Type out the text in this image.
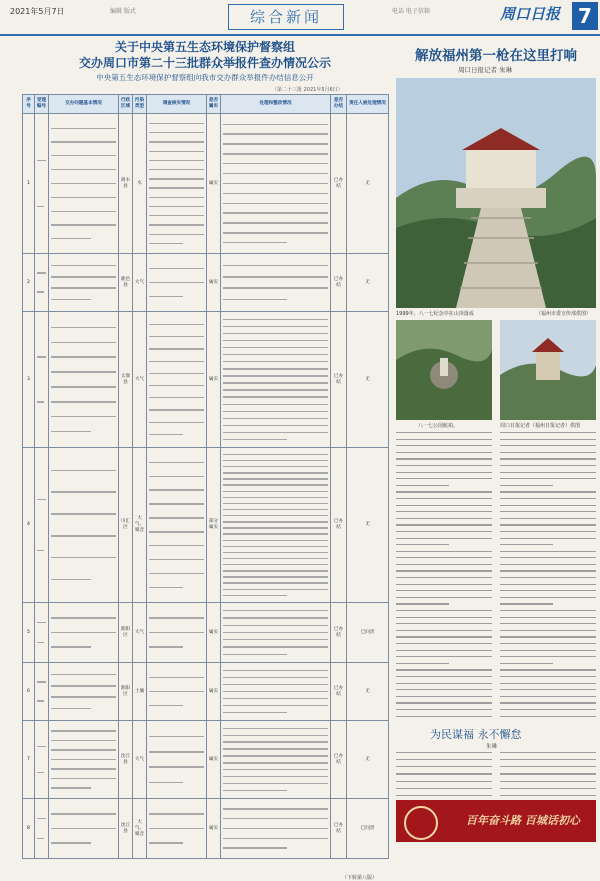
2021年5月7日	编辑 版式	综合新闻	电话 电子信箱	周口日报 7
关于中央第五生态环境保护督察组
交办周口市第二十三批群众举报件查办情况公示
中央第五生态环境保护督察组向我市交办群众举报件办结信息公开
（第二十三批 2021年5月6日）
序号	受理编号	交办问题基本情况	行政区域	污染类型	调查核实情况	是否属实	处理和整改情况	是否办结	责任人被处理情况
1			商水县	水		属实		已办结	无
2			鹿邑县	大气		属实		已办结	无
3			太康县	大气		属实		已办结	无
4			川汇区	大气、噪音		部分属实		已办结	无
5			淮阳区	大气		属实		已办结	已问责
6			淮阳区	土壤		属实		已办结	无
7			沈丘县	大气		属实		已办结	无
8			沈丘县	大气、噪音		属实		已办结	已问责
（下转第八版）
解放福州第一枪在这里打响
周口日报记者 朱琳
1999年，八一七纪念亭在山顶落成	（福州市委宣传部供图）
八一七公园航拍。	周口日报记者（福州日报记者）供图
为民谋福 永不懈怠
朱琳
百年奋斗路 百城话初心
